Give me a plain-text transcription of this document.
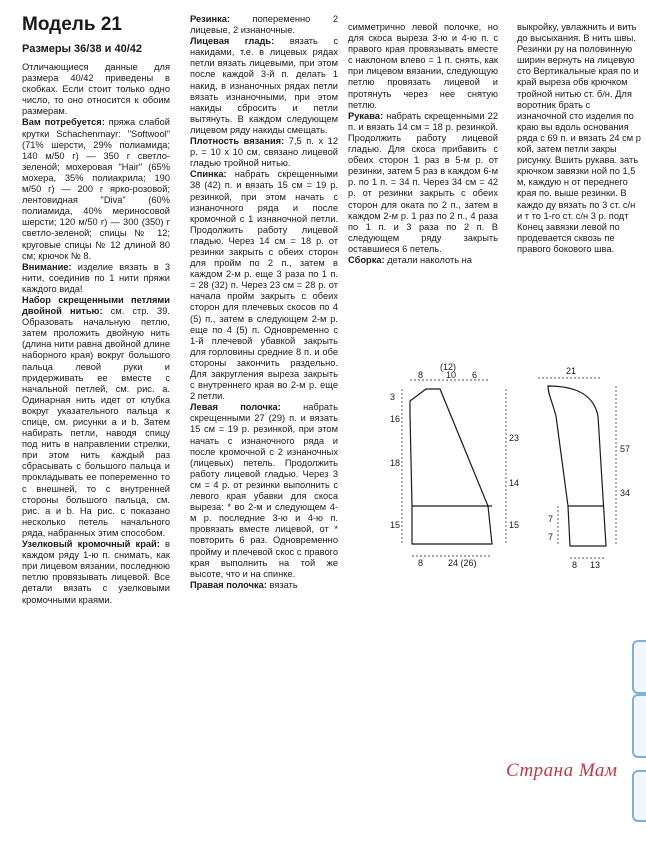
Модель 21

Размеры 36/38 и 40/42

Отличающиеся данные для размера 40/42 приведены в скобках. Если стоит только одно число, то оно относится к обоим размерам.

Вам потребуется: пряжа слабой крутки Schachenmayr: "Softwool" (71% шерсти, 29% полиамида; 140 м/50 г) — 350 г светло-зеленой; мохеровая "Hair" (65% мохера, 35% полиакрила; 190 м/50 г) — 200 г ярко-розовой; лентовидная "Diva" (60% полиамида, 40% мериносовой шерсти; 120 м/50 г) — 300 (350) г светло-зеленой; спицы № 12; круговые спицы № 12 длиной 80 см; крючок № 8.

Внимание: изделие вязать в 3 нити, соединив по 1 нити пряжи каждого вида!

Набор скрещенными петлями двойной нитью: см. стр. 39. Образовать начальную петлю, затем проложить двойную нить (длина нити равна двойной длине наборного края) вокруг большого пальца левой руки и придерживать ее вместе с начальной петлей, см. рис. а. Одинарная нить идет от клубка вокруг указательного пальца к спице, см. рисунки а и b. Затем набирать петли, наводя спицу под нить в направлении стрелки, при этом нить каждый раз сбрасывать с большого пальца и прокладывать ее попеременно то с внешней, то с внутренней стороны большого пальца, см. рис. а и b. На рис. с показано несколько петель начального ряда, набранных этим способом.

Узелковый кромочный край: в каждом ряду 1-ю п. снимать, как при лицевом вязании, последнюю петлю провязывать лицевой. Все детали вязать с узелковыми кромочными краями.

Резинка: попеременно 2 лицевые, 2 изнаночные.

Лицевая гладь: вязать с накидами, т.е. в лицевых рядах петли вязать лицевыми, при этом после каждой 3-й п. делать 1 накид, в изнаночных рядах петли вязать изнаночными, при этом накиды сбросить и петли вытянуть. В каждом следующем лицевом ряду накиды смещать.

Плотность вязания: 7,5 п. х 12 р. = 10 х 10 см, связано лицевой гладью тройной нитью.

Спинка: набрать скрещенными 38 (42) п. и вязать 15 см = 19 р. резинкой, при этом начать с изнаночного ряда и после кромочной с 1 изнаночной петли. Продолжить работу лицевой гладью. Через 14 см = 18 р. от резинки закрыть с обеих сторон для пройм по 2 п., затем в каждом 2-м р. еще 3 раза по 1 п. = 28 (32) п. Через 23 см = 28 р. от начала пройм закрыть с обеих сторон для плечевых скосов по 4 (5) п., затем в следующем 2-м р. еще по 4 (5) п. Одновременно с 1-й плечевой убавкой закрыть для горловины средние 8 п. и обе стороны закончить раздельно. Для закругления выреза закрыть с внутреннего края во 2-м р. еще 2 петли.

Левая полочка: набрать скрещенными 27 (29) п. и вязать 15 см = 19 р. резинкой, при этом начать с изнаночного ряда и после кромочной с 2 изнаночных (лицевых) петель. Продолжить работу лицевой гладью. Через 3 см = 4 р. от резинки выполнить с левого края убавки для скоса выреза: * во 2-м и следующем 4-м р. последние 3-ю и 4-ю п. провязать вместе лицевой, от * повторить 6 раз. Одновременно пройму и плечевой скос с правого края выполнить на той же высоте, что и на спинке.

Правая полочка: вязать

симметрично левой полочке, но для скоса выреза 3-ю и 4-ю п. с правого края провязывать вместе с наклоном влево = 1 п. снять, как при лицевом вязании, следующую петлю провязать лицевой и протянуть через нее снятую петлю.

Рукава: набрать скрещенными 22 п. и вязать 14 см = 18 р. резинкой. Продолжить работу лицевой гладью. Для скоса прибавить с обеих сторон 1 раз в 5-м р. от резинки, затем 5 раз в каждом 6-м р. по 1 п. = 34 п. Через 34 см = 42 р. от резинки закрыть с обеих сторон для оката по 2 п., затем в каждом 2-м р. 1 раз по 2 п., 4 раза по 1 п. и 3 раза по 2 п. В следующем ряду закрыть оставшиеся 6 петель.

Сборка: детали наколоть на

выкройку, увлажнить и вить до высыхания. В нить швы. Резинки ру на половинную ширин вернуть на лицевую сто Вертикальные края по и край выреза обв крючком тройной нитью ст. б/н. Для воротник брать с изначочной сто изделия по краю вы вдоль основания ряда с 69 п. и вязать 24 см р кой, затем петли закры рисунку. Вшить рукава. зать крючком завязки ной по 1,5 м, каждую н от переднего края по. выше резинки. В каждо ду вязать по 3 ст. с/н и т то 1-го ст. с/н 3 р. подт Конец завязки левой по продевается сквозь пе правого бокового шва.

(12)
8	10 6
3
16
18
15
23
14
15
8	24 (26)
21
57
34
7
7
8 13
Страна Мам
